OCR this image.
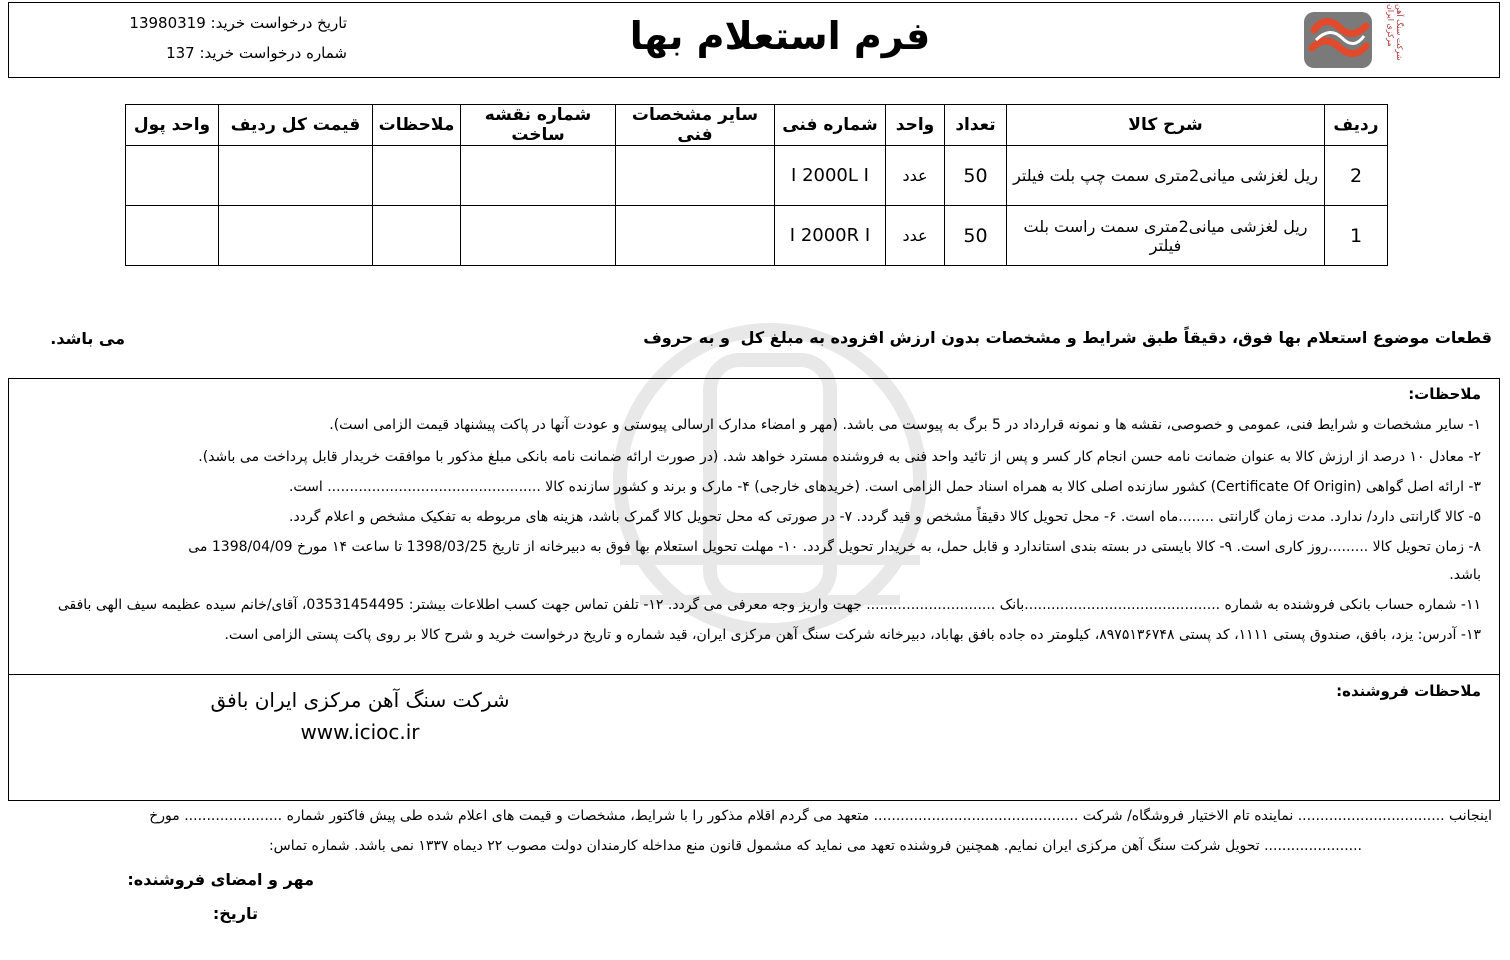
فرم استعلام بها
تاریخ درخواست خرید: 13980319
شماره درخواست خرید: 137	شرکت سنگ آهن مرکزی ایران
ردیف	شرح کالا	تعداد	واحد	شماره فنی	سایر مشخصات فنی	شماره نقشه ساخت	ملاحظات	قیمت کل ردیف	واحد پول
2	ریل لغزشی میانی2متری سمت چپ بلت فیلتر	50	عدد	I 2000L I					
1	ریل لغزشی میانی2متری سمت راست بلت فیلتر	50	عدد	I 2000R I					
قطعات موضوع استعلام بها فوق، دقیقاً طبق شرایط و مشخصات بدون ارزش افزوده به مبلغ کل
و به حروف
می باشد.
ملاحظات:
۱- سایر مشخصات و شرایط فنی، عمومی و خصوصی، نقشه ها و نمونه قرارداد در 5 برگ به پیوست می باشد. (مهر و امضاء مدارک ارسالی پیوستی و عودت آنها در پاکت پیشنهاد قیمت الزامی است).
۲- معادل ۱۰ درصد از ارزش کالا به عنوان ضمانت نامه حسن انجام کار کسر و پس از تائید واحد فنی به فروشنده مسترد خواهد شد. (در صورت ارائه ضمانت نامه بانکی مبلغ مذکور با موافقت خریدار قابل پرداخت می باشد).
۳- ارائه اصل گواهی (Certificate Of Origin) کشور سازنده اصلی کالا به همراه اسناد حمل الزامی است. (خریدهای خارجی) ۴- مارک و برند و کشور سازنده کالا ................................................ است.
۵- کالا گارانتی دارد/ ندارد. مدت زمان گارانتی ........ماه است. ۶- محل تحویل کالا دقیقاً مشخص و قید گردد. ۷- در صورتی که محل تحویل کالا گمرک باشد، هزینه های مربوطه به تفکیک مشخص و اعلام گردد.
۸- زمان تحویل کالا .........روز کاری است. ۹- کالا بایستی در بسته بندی استاندارد و قابل حمل، به خریدار تحویل گردد. ۱۰- مهلت تحویل استعلام بها فوق به دبیرخانه از تاریخ 1398/03/25 تا ساعت ۱۴ مورخ 1398/04/09 می
باشد.
۱۱- شماره حساب بانکی فروشنده به شماره ............................................بانک ............................. جهت واریز وجه معرفی می گردد. ۱۲- تلفن تماس جهت کسب اطلاعات بیشتر: 03531454495، آقای/خانم سیده عظیمه سیف الهی بافقی
۱۳- آدرس: یزد، بافق، صندوق پستی ۱۱۱۱، کد پستی ۸۹۷۵۱۳۶۷۴۸، کیلومتر ده جاده بافق بهاباد، دبیرخانه شرکت سنگ آهن مرکزی ایران، قید شماره و تاریخ درخواست خرید و شرح کالا بر روی پاکت پستی الزامی است.
ملاحظات فروشنده:
شرکت سنگ آهن مرکزی ایران بافق
www.icioc.ir
اینجانب ................................. نماینده تام الاختیار فروشگاه/ شرکت .............................................. متعهد می گردم اقلام مذکور را با شرایط، مشخصات و قیمت های اعلام شده طی پیش فاکتور شماره ...................... مورخ
...................... تحویل شرکت سنگ آهن مرکزی ایران نمایم. همچنین فروشنده تعهد می نماید که مشمول قانون منع مداخله کارمندان دولت مصوب ۲۲ دیماه ۱۳۳۷ نمی باشد. شماره تماس:
مهر و امضای فروشنده:
تاریخ:
